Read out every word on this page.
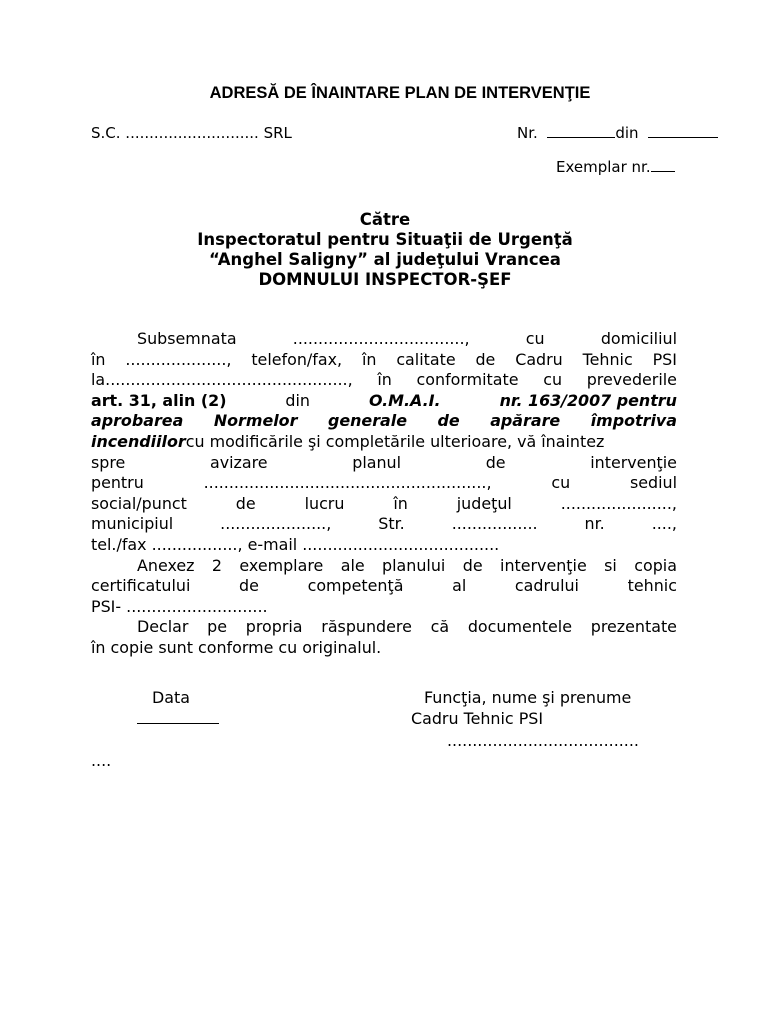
ADRESĂ DE ÎNAINTARE PLAN DE INTERVENŢIE
S.C. ............................ SRL	Nr.	din
Exemplar nr.
Către
Inspectoratul pentru Situaţii de Urgenţă
“Anghel Saligny” al judeţului Vrancea
DOMNULUI INSPECTOR-ŞEF
Subsemnata	..................................,	cu	domiciliul
în ...................., telefon/fax, în calitate de Cadru Tehnic PSI
la................................................, în conformitate cu prevederile
art. 31, alin (2)	din	O.M.A.I.	nr. 163/2007 pentru
aprobarea Normelor generale de apărare împotriva
incendiilorcu modificările şi completările ulterioare, vă înaintez
spre	avizare	planul	de	intervenţie
pentru	........................................................,	cu	sediul
social/punct	de	lucru	în	judeţul	......................,
municipiul	.....................,	Str.	.................	nr.	....,
tel./fax ................., e-mail .......................................
Anexez 2 exemplare ale planului de intervenţie si copia
certificatului	de	competenţă	al	cadrului	tehnic
PSI- ............................
Declar pe propria răspundere că documentele prezentate
în copie sunt conforme cu originalul.
Data	Funcţia, nume şi prenume
Cadru Tehnic PSI
......................................
....
